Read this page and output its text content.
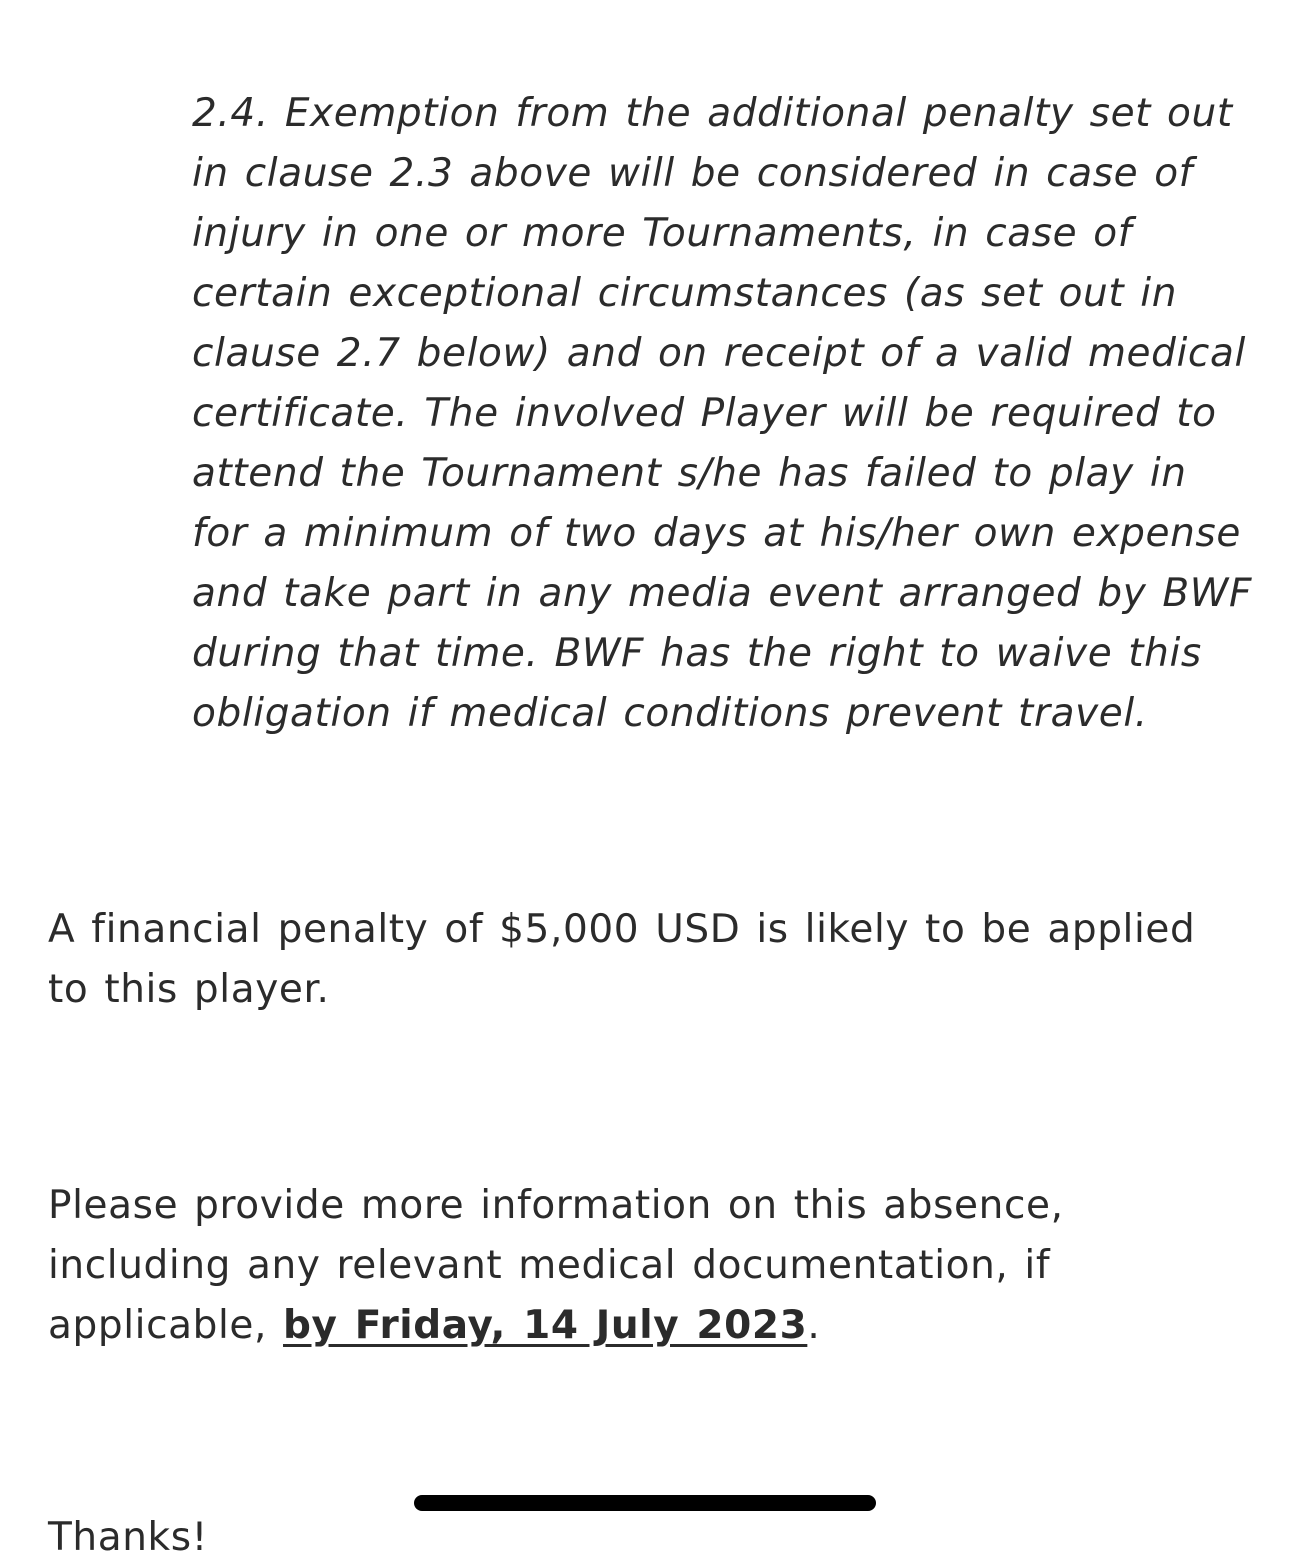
2.4. Exemption from the additional penalty set out in clause 2.3 above will be considered in case of injury in one or more Tournaments, in case of certain exceptional circumstances (as set out in clause 2.7 below) and on receipt of a valid medical certificate. The involved Player will be required to attend the Tournament s/he has failed to play in for a minimum of two days at his/her own expense and take part in any media event arranged by BWF during that time. BWF has the right to waive this obligation if medical conditions prevent travel.

A financial penalty of $5,000 USD is likely to be applied to this player.

Please provide more information on this absence, including any relevant medical documentation, if applicable, by Friday, 14 July 2023.

Thanks!
